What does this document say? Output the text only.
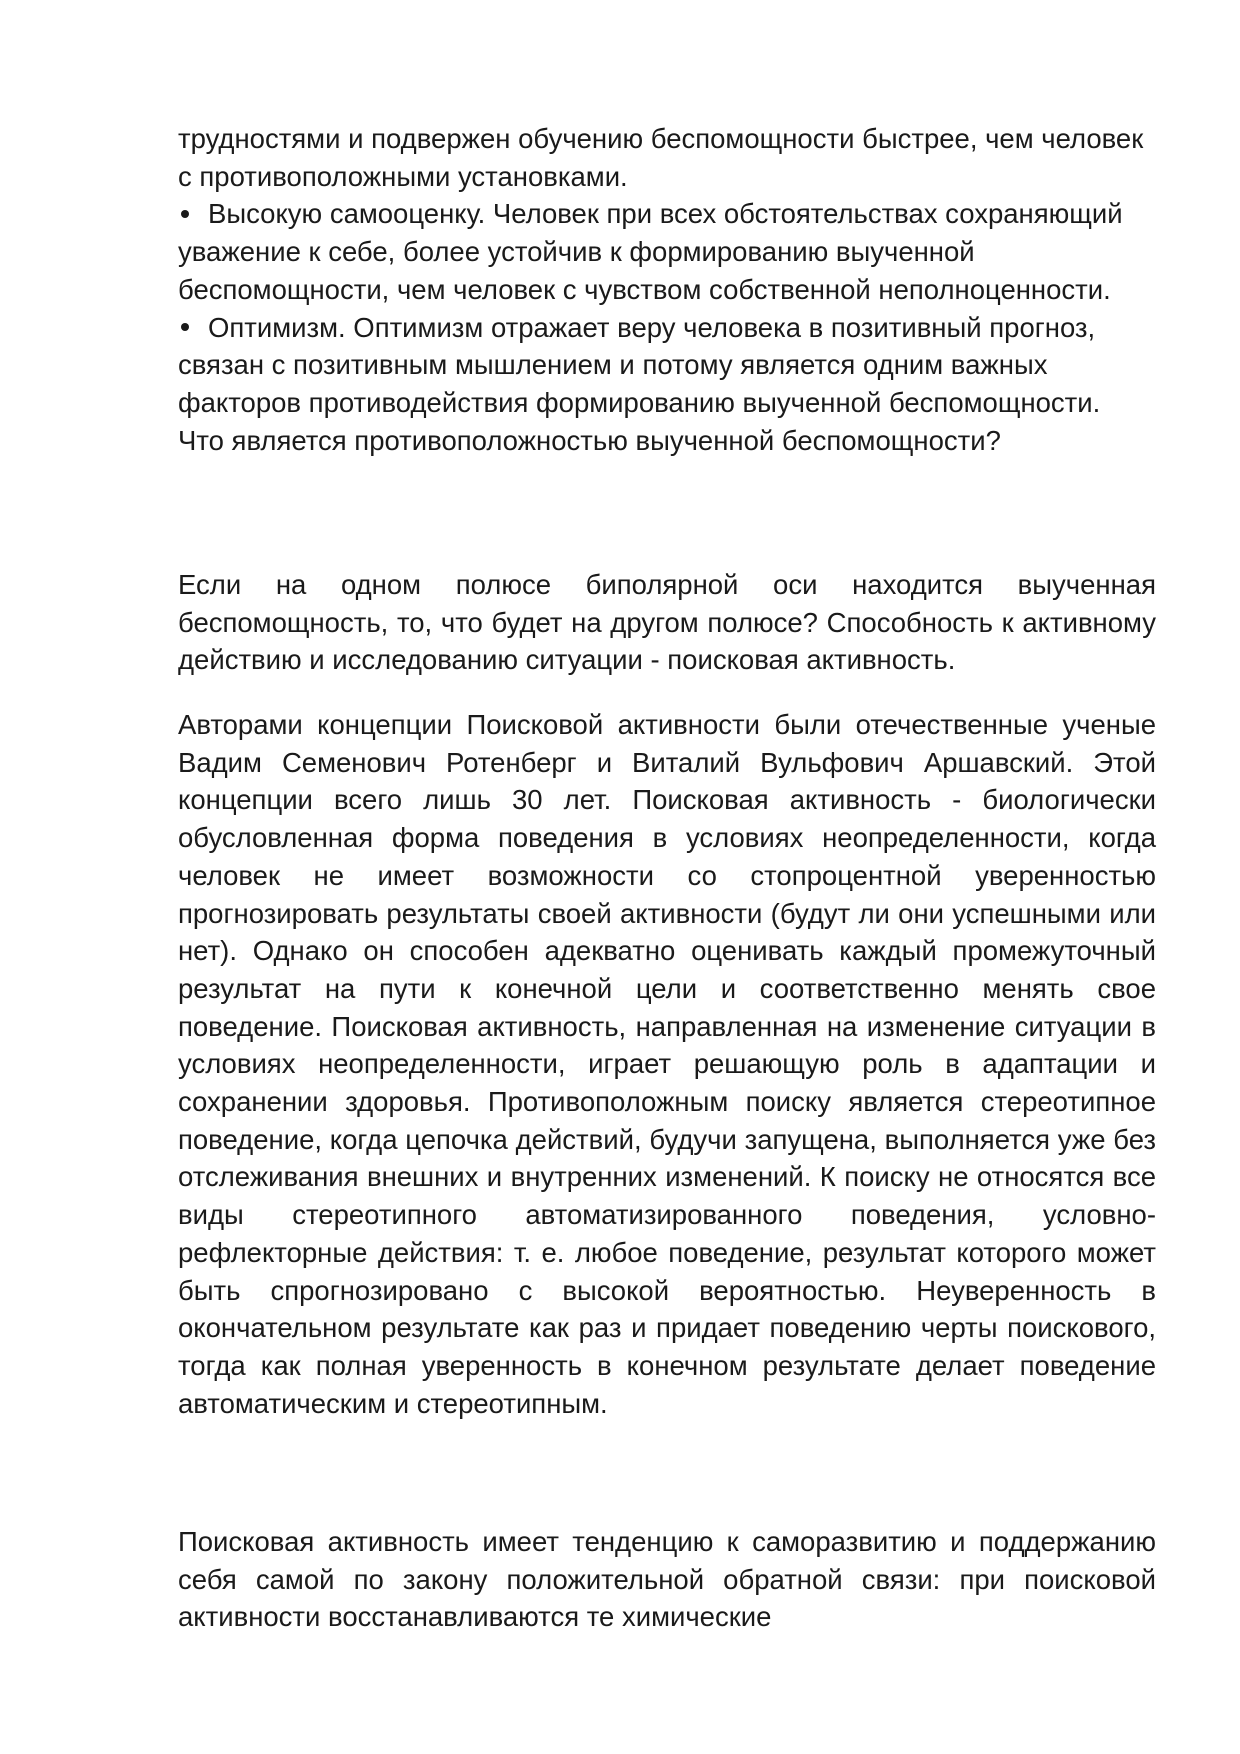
трудностями и подвержен обучению беспомощности быстрее, чем человек с противоположными установками.

Высокую самооценку. Человек при всех обстоятельствах сохраняющий уважение к себе, более устойчив к формированию выученной беспомощности, чем человек с чувством собственной неполноценности.

Оптимизм. Оптимизм отражает веру человека в позитивный прогноз, связан с позитивным мышлением и потому является одним важных факторов противодействия формированию выученной беспомощности.

Что является противоположностью выученной беспомощности?

Если на одном полюсе биполярной оси находится выученная беспомощность, то, что будет на другом полюсе? Способность к активному действию и исследованию ситуации - поисковая активность.

Авторами концепции Поисковой активности были отечественные ученые Вадим Семенович Ротенберг и Виталий Вульфович Аршавский. Этой концепции всего лишь 30 лет. Поисковая активность - биологически обусловленная форма поведения в условиях неопределенности, когда человек не имеет возможности со стопроцентной уверенностью прогнозировать результаты своей активности (будут ли они успешными или нет). Однако он способен адекватно оценивать каждый промежуточный результат на пути к конечной цели и соответственно менять свое поведение. Поисковая активность, направленная на изменение ситуации в условиях неопределенности, играет решающую роль в адаптации и сохранении здоровья. Противоположным поиску является стереотипное поведение, когда цепочка действий, будучи запущена, выполняется уже без отслеживания внешних и внутренних изменений. К поиску не относятся все виды стереотипного автоматизированного поведения, условно-рефлекторные действия: т. е. любое поведение, результат которого может быть спрогнозировано с высокой вероятностью. Неуверенность в окончательном результате как раз и придает поведению черты поискового, тогда как полная уверенность в конечном результате делает поведение автоматическим и стереотипным.

Поисковая активность имеет тенденцию к саморазвитию и поддержанию себя самой по закону положительной обратной связи: при поисковой активности восстанавливаются те химические
